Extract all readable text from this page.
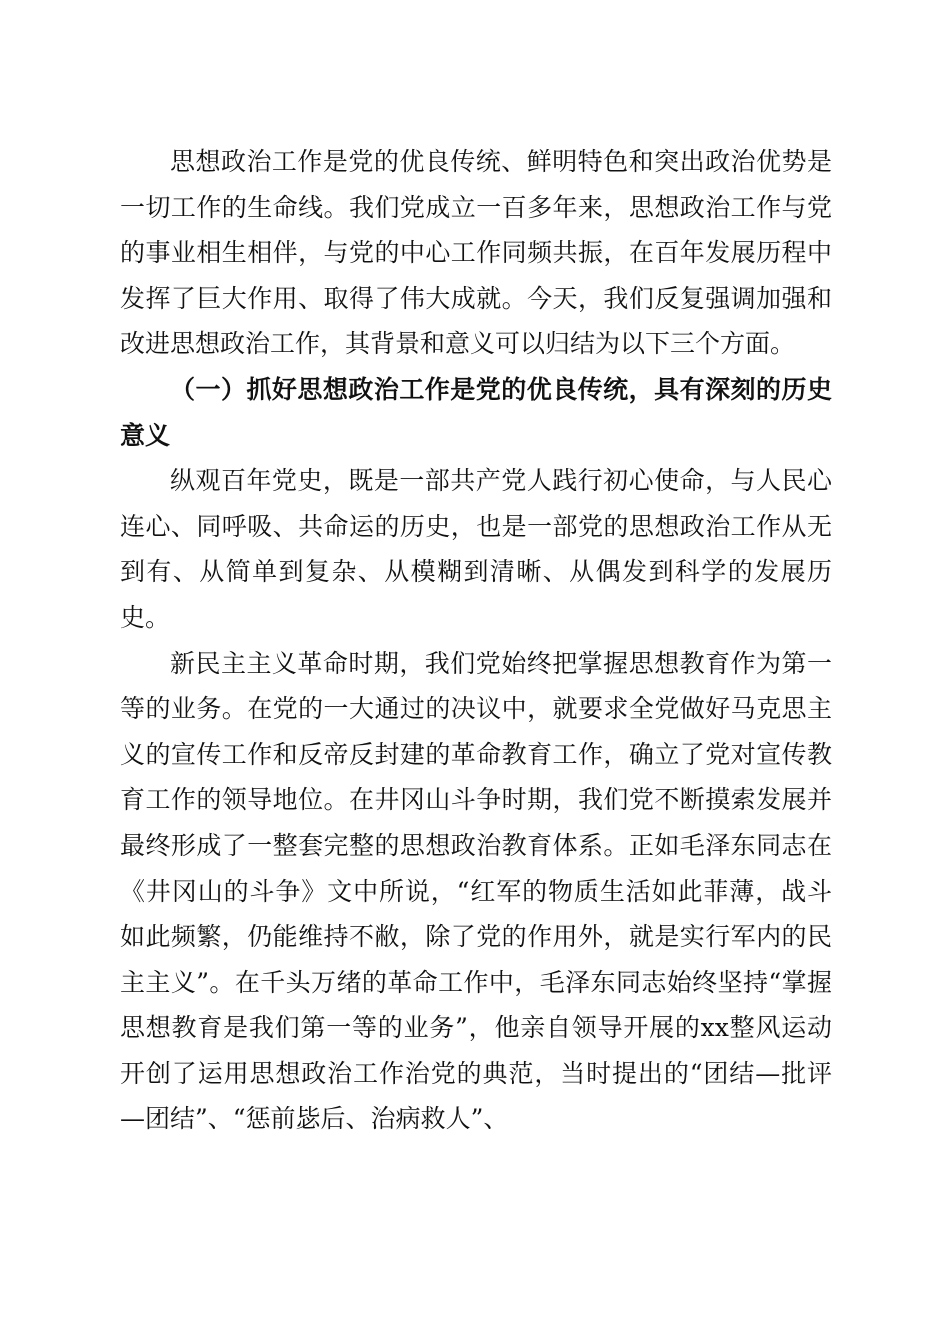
思想政治工作是党的优良传统、鲜明特色和突出政治优势是一切工作的生命线。我们党成立一百多年来，思想政治工作与党的事业相生相伴，与党的中心工作同频共振，在百年发展历程中发挥了巨大作用、取得了伟大成就。今天，我们反复强调加强和改进思想政治工作，其背景和意义可以归结为以下三个方面。

（一）抓好思想政治工作是党的优良传统，具有深刻的历史意义

纵观百年党史，既是一部共产党人践行初心使命，与人民心连心、同呼吸、共命运的历史，也是一部党的思想政治工作从无到有、从简单到复杂、从模糊到清晰、从偶发到科学的发展历史。

新民主主义革命时期，我们党始终把掌握思想教育作为第一等的业务。在党的一大通过的决议中，就要求全党做好马克思主义的宣传工作和反帝反封建的革命教育工作，确立了党对宣传教育工作的领导地位。在井冈山斗争时期，我们党不断摸索发展并最终形成了一整套完整的思想政治教育体系。正如毛泽东同志在《井冈山的斗争》文中所说，“红军的物质生活如此菲薄，战斗如此频繁，仍能维持不敝，除了党的作用外，就是实行军内的民主主义”。在千头万绪的革命工作中，毛泽东同志始终坚持“掌握思想教育是我们第一等的业务”，他亲自领导开展的xx整风运动开创了运用思想政治工作治党的典范，当时提出的“团结—批评—团结”、“惩前毖后、治病救人”、
